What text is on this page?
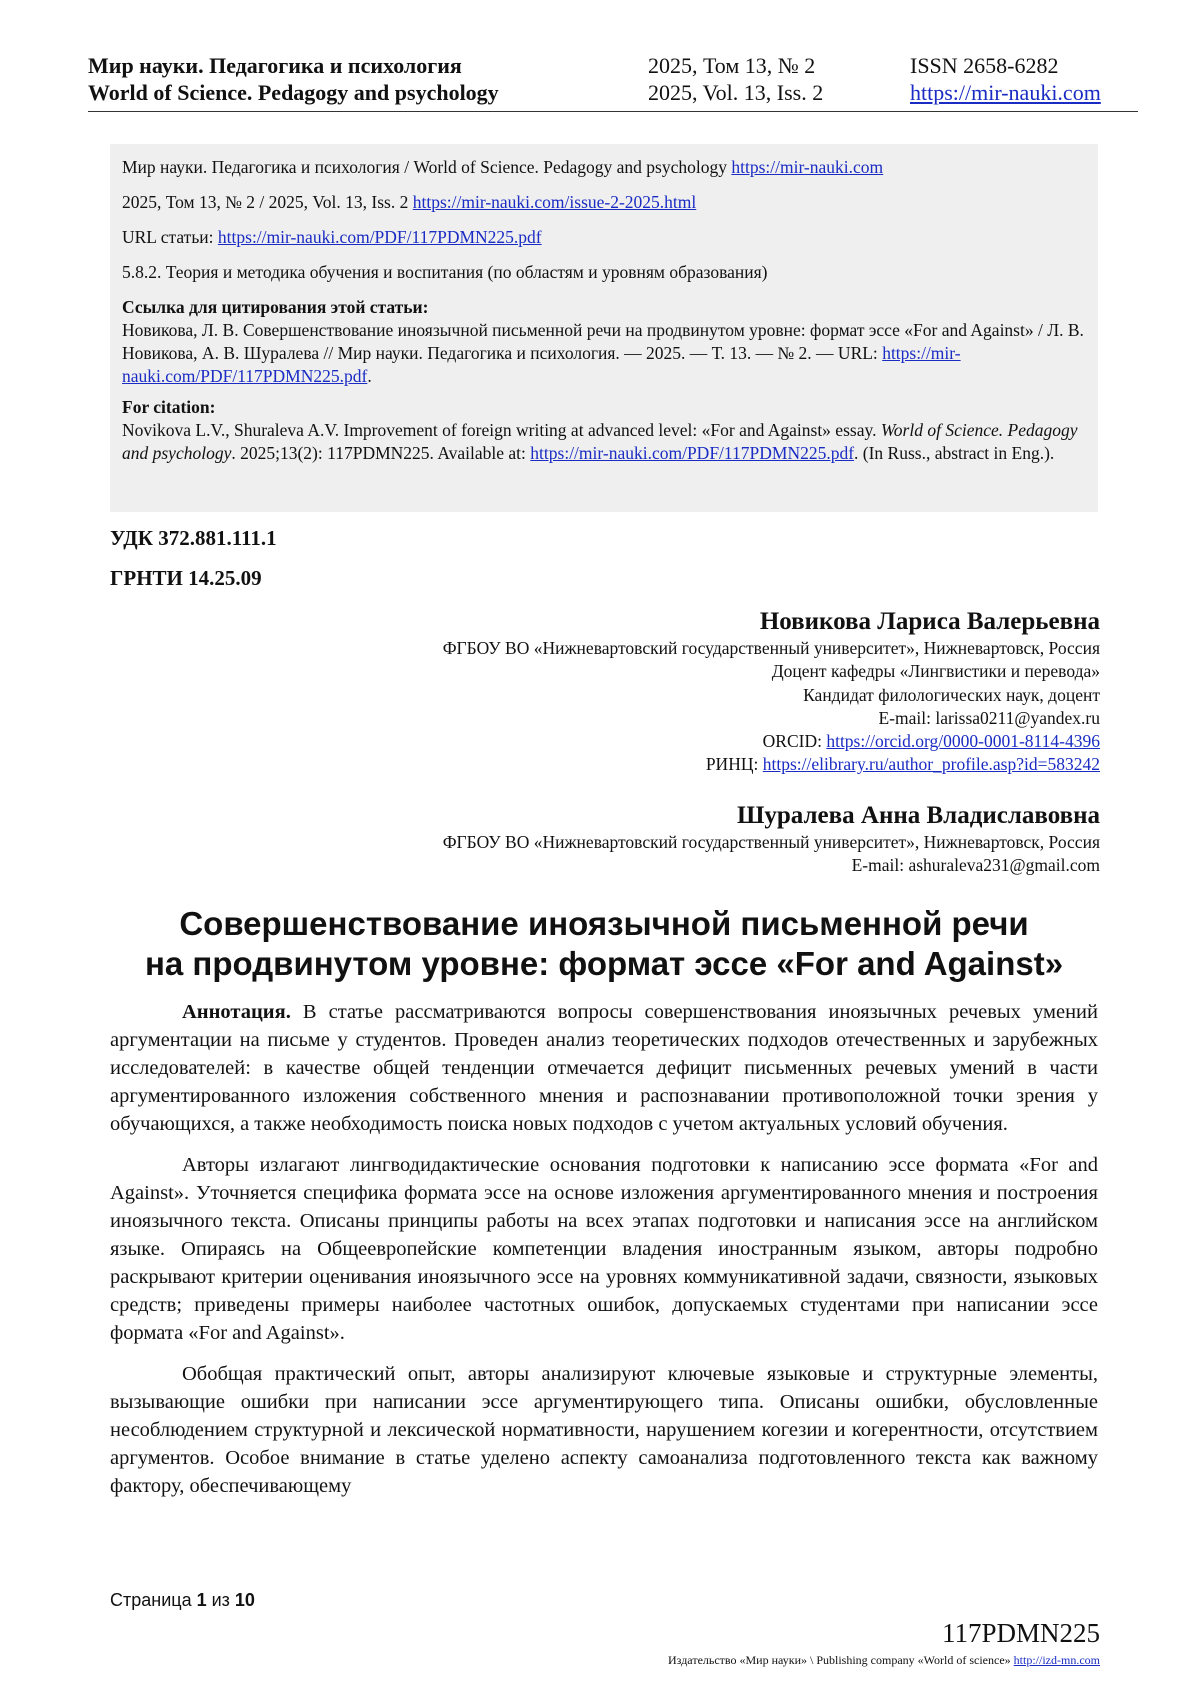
Мир науки. Педагогика и психология
World of Science. Pedagogy and psychology
2025, Том 13, № 2
2025, Vol. 13, Iss. 2
ISSN 2658-6282
https://mir-nauki.com

Мир науки. Педагогика и психология / World of Science. Pedagogy and psychology https://mir-nauki.com

2025, Том 13, № 2 / 2025, Vol. 13, Iss. 2 https://mir-nauki.com/issue-2-2025.html

URL статьи: https://mir-nauki.com/PDF/117PDMN225.pdf

5.8.2. Теория и методика обучения и воспитания (по областям и уровням образования)

Ссылка для цитирования этой статьи:
Новикова, Л. В. Совершенствование иноязычной письменной речи на продвинутом уровне: формат эссе «For and Against» / Л. В. Новикова, А. В. Шуралева // Мир науки. Педагогика и психология. — 2025. — Т. 13. — № 2. — URL: https://mir-nauki.com/PDF/117PDMN225.pdf.

For citation:
Novikova L.V., Shuraleva A.V. Improvement of foreign writing at advanced level: «For and Against» essay. World of Science. Pedagogy and psychology. 2025;13(2): 117PDMN225. Available at: https://mir-nauki.com/PDF/117PDMN225.pdf. (In Russ., abstract in Eng.).

УДК 372.881.111.1
ГРНТИ 14.25.09
Новикова Лариса Валерьевна
ФГБОУ ВО «Нижневартовский государственный университет», Нижневартовск, Россия
Доцент кафедры «Лингвистики и перевода»
Кандидат филологических наук, доцент
E-mail: larissa0211@yandex.ru
ORCID: https://orcid.org/0000-0001-8114-4396
РИНЦ: https://elibrary.ru/author_profile.asp?id=583242
Шуралева Анна Владиславовна
ФГБОУ ВО «Нижневартовский государственный университет», Нижневартовск, Россия
E-mail: ashuraleva231@gmail.com
Совершенствование иноязычной письменной речи
на продвинутом уровне: формат эссе «For and Against»

Аннотация. В статье рассматриваются вопросы совершенствования иноязычных речевых умений аргументации на письме у студентов. Проведен анализ теоретических подходов отечественных и зарубежных исследователей: в качестве общей тенденции отмечается дефицит письменных речевых умений в части аргументированного изложения собственного мнения и распознавании противоположной точки зрения у обучающихся, а также необходимость поиска новых подходов с учетом актуальных условий обучения.

Авторы излагают лингводидактические основания подготовки к написанию эссе формата «For and Against». Уточняется специфика формата эссе на основе изложения аргументированного мнения и построения иноязычного текста. Описаны принципы работы на всех этапах подготовки и написания эссе на английском языке. Опираясь на Общеевропейские компетенции владения иностранным языком, авторы подробно раскрывают критерии оценивания иноязычного эссе на уровнях коммуникативной задачи, связности, языковых средств; приведены примеры наиболее частотных ошибок, допускаемых студентами при написании эссе формата «For and Against».

Обобщая практический опыт, авторы анализируют ключевые языковые и структурные элементы, вызывающие ошибки при написании эссе аргументирующего типа. Описаны ошибки, обусловленные несоблюдением структурной и лексической нормативности, нарушением когезии и когерентности, отсутствием аргументов. Особое внимание в статье уделено аспекту самоанализа подготовленного текста как важному фактору, обеспечивающему

Страница 1 из 10
117PDMN225
Издательство «Мир науки» \ Publishing company «World of science» http://izd-mn.com
